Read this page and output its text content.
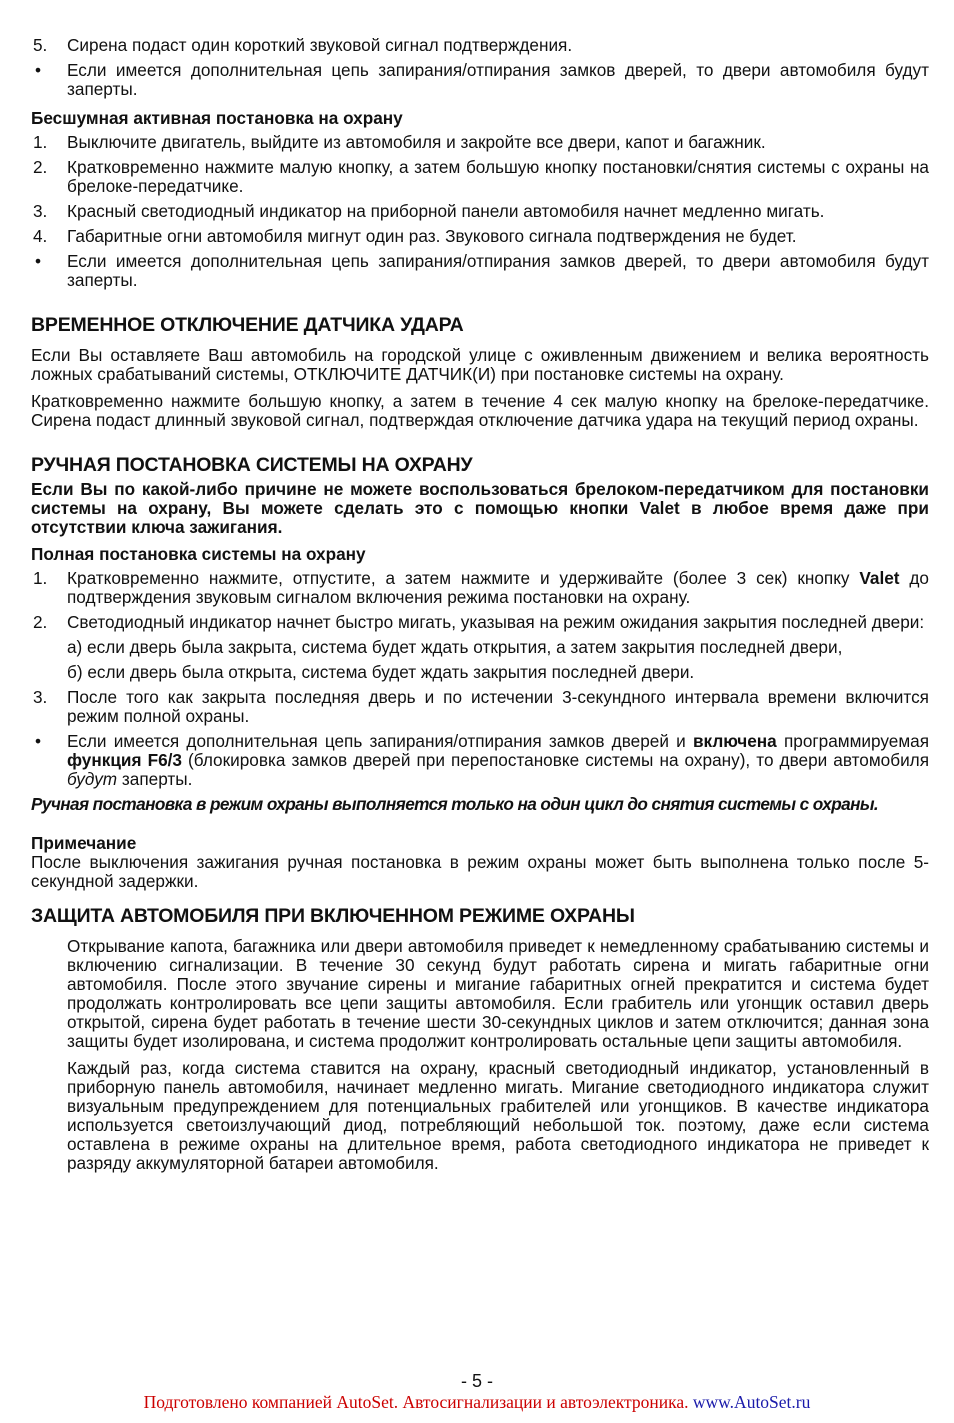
5. Сирена подаст один короткий звуковой сигнал подтверждения.
• Если имеется дополнительная цепь запирания/отпирания замков дверей, то двери автомобиля будут заперты.
Бесшумная активная постановка на охрану
1. Выключите двигатель, выйдите из автомобиля и закройте все двери, капот и багажник.
2. Кратковременно нажмите малую кнопку, а затем большую кнопку постановки/снятия системы с охраны на брелоке-передатчике.
3. Красный светодиодный индикатор на приборной панели автомобиля начнет медленно мигать.
4. Габаритные огни автомобиля мигнут один раз. Звукового сигнала подтверждения не будет.
• Если имеется дополнительная цепь запирания/отпирания замков дверей, то двери автомобиля будут заперты.
ВРЕМЕННОЕ ОТКЛЮЧЕНИЕ ДАТЧИКА УДАРА
Если Вы оставляете Ваш автомобиль на городской улице с оживленным движением и велика вероятность ложных срабатываний системы, ОТКЛЮЧИТЕ ДАТЧИК(И) при постановке системы на охрану.
Кратковременно нажмите большую кнопку, а затем в течение 4 сек малую кнопку на брелоке-передатчике. Сирена подаст длинный звуковой сигнал, подтверждая отключение датчика удара на текущий период охраны.
РУЧНАЯ ПОСТАНОВКА СИСТЕМЫ НА ОХРАНУ
Если Вы по какой-либо причине не можете воспользоваться брелоком-передатчиком для постановки системы на охрану, Вы можете сделать это с помощью кнопки Valet в любое время даже при отсутствии ключа зажигания.
Полная постановка системы на охрану
1. Кратковременно нажмите, отпустите, а затем нажмите и удерживайте (более 3 сек) кнопку Valet до подтверждения звуковым сигналом включения режима постановки на охрану.
2. Светодиодный индикатор начнет быстро мигать, указывая на режим ожидания закрытия последней двери:
а) если дверь была закрыта, система будет ждать открытия, а затем закрытия последней двери,
б) если дверь была открыта, система будет ждать закрытия последней двери.
3. После того как закрыта последняя дверь и по истечении 3-секундного интервала времени включится режим полной охраны.
• Если имеется дополнительная цепь запирания/отпирания замков дверей и включена программируемая функция F6/3 (блокировка замков дверей при перепостановке системы на охрану), то двери автомобиля будут заперты.
Ручная постановка в режим охраны выполняется только на один цикл до снятия системы с охраны.
Примечание
После выключения зажигания ручная постановка в режим охраны может быть выполнена только после 5-секундной задержки.
ЗАЩИТА АВТОМОБИЛЯ ПРИ ВКЛЮЧЕННОМ РЕЖИМЕ ОХРАНЫ
Открывание капота, багажника или двери автомобиля приведет к немедленному срабатыванию системы и включению сигнализации. В течение 30 секунд будут работать сирена и мигать габаритные огни автомобиля. После этого звучание сирены и мигание габаритных огней прекратится и система будет продолжать контролировать все цепи защиты автомобиля. Если грабитель или угонщик оставил дверь открытой, сирена будет работать в течение шести 30-секундных циклов и затем отключится; данная зона защиты будет изолирована, и система продолжит контролировать остальные цепи защиты автомобиля.
Каждый раз, когда система ставится на охрану, красный светодиодный индикатор, установленный в приборную панель автомобиля, начинает медленно мигать. Мигание светодиодного индикатора служит визуальным предупреждением для потенциальных грабителей или угонщиков. В качестве индикатора используется светоизлучающий диод, потребляющий небольшой ток. поэтому, даже если система оставлена в режиме охраны на длительное время, работа светодиодного индикатора не приведет к разряду аккумуляторной батареи автомобиля.
- 5 -
Подготовлено компанией AutoSet. Автосигнализации и автоэлектроника. www.AutoSet.ru
